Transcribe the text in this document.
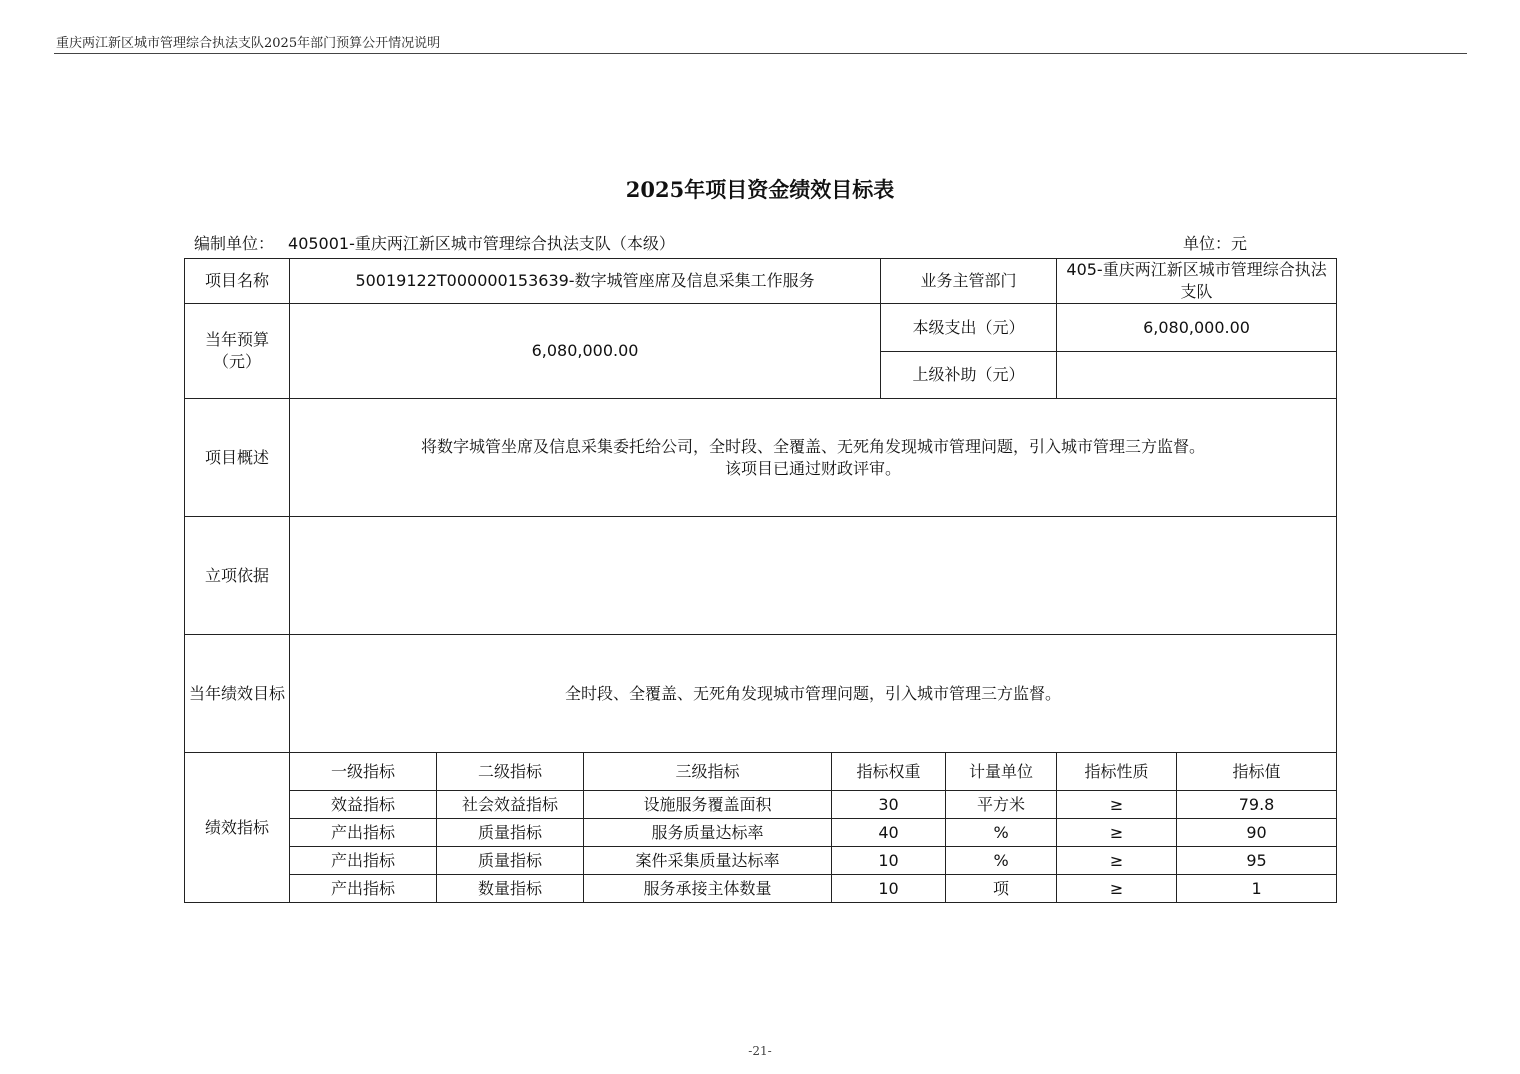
重庆两江新区城市管理综合执法支队2025年部门预算公开情况说明
2025年项目资金绩效目标表
编制单位： 405001-重庆两江新区城市管理综合执法支队（本级）	单位：元
项目名称	50019122T000000153639-数字城管座席及信息采集工作服务				业务主管部门		405-重庆两江新区城市管理综合执法支队	
当年预算（元）	6,080,000.00				本级支出（元）		6,080,000.00	
					上级补助（元）			
项目概述	将数字城管坐席及信息采集委托给公司，全时段、全覆盖、无死角发现城市管理问题，引入城市管理三方监督。
该项目已通过财政评审。							

立项依据								
当年绩效目标	全时段、全覆盖、无死角发现城市管理问题，引入城市管理三方监督。							
绩效指标	一级指标	二级指标	三级指标	指标权重		计量单位	指标性质	指标值
	效益指标	社会效益指标	设施服务覆盖面积	30		平方米	≥	79.8
	产出指标	质量指标	服务质量达标率	40		%	≥	90
	产出指标	质量指标	案件采集质量达标率	10		%	≥	95
	产出指标	数量指标	服务承接主体数量	10		项	≥	1
-21-
